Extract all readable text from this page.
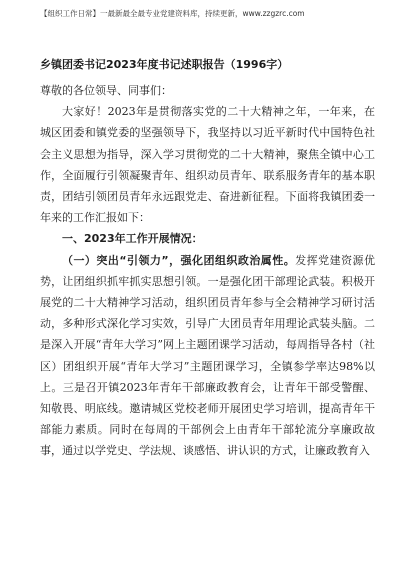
【组织工作日常】一最新最全最专业党建资料库，持续更新，www.zzgzrc.com
乡镇团委书记2023年度书记述职报告（1996字）

尊敬的各位领导、同事们：

大家好！2023年是贯彻落实党的二十大精神之年，一年来，在城区团委和镇党委的坚强领导下，我坚持以习近平新时代中国特色社会主义思想为指导，深入学习贯彻党的二十大精神，聚焦全镇中心工作，全面履行引领凝聚青年、组织动员青年、联系服务青年的基本职责，团结引领团员青年永远跟党走、奋进新征程。下面将我镇团委一年来的工作汇报如下：

一、2023年工作开展情况：

（一）突出“引领力”，强化团组织政治属性。发挥党建资源优势，让团组织抓牢抓实思想引领。一是强化团干部理论武装。积极开展党的二十大精神学习活动，组织团员青年参与全会精神学习研讨活动，多种形式深化学习实效，引导广大团员青年用理论武装头脑。二是深入开展“青年大学习”网上主题团课学习活动，每周指导各村（社区）团组织开展“青年大学习”主题团课学习，全镇参学率达98%以上。三是召开镇2023年青年干部廉政教育会，让青年干部受警醒、知敬畏、明底线。邀请城区党校老师开展团史学习培训，提高青年干部能力素质。同时在每周的干部例会上由青年干部轮流分享廉政故事，通过以学党史、学法规、谈感悟、讲认识的方式，让廉政教育入
